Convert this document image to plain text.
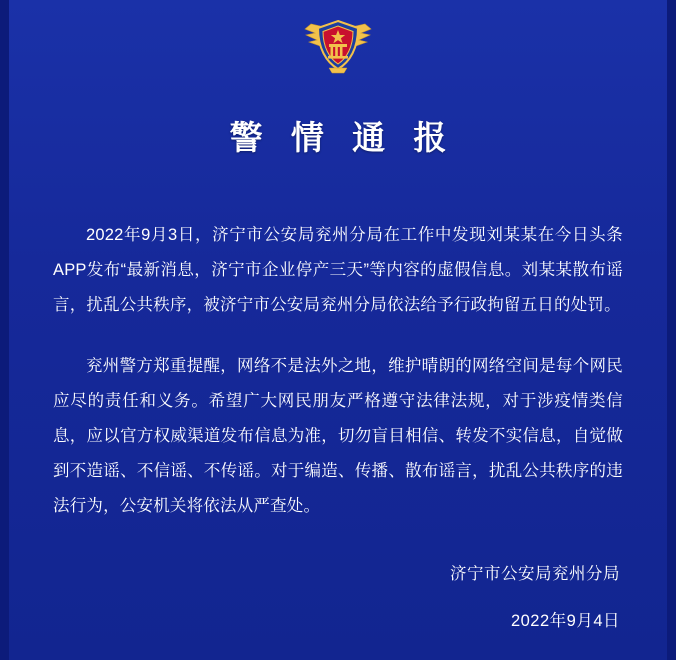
警 情 通 报

2022年9月3日，济宁市公安局兖州分局在工作中发现刘某某在今日头条APP发布“最新消息，济宁市企业停产三天”等内容的虚假信息。刘某某散布谣言，扰乱公共秩序，被济宁市公安局兖州分局依法给予行政拘留五日的处罚。

兖州警方郑重提醒，网络不是法外之地，维护晴朗的网络空间是每个网民应尽的责任和义务。希望广大网民朋友严格遵守法律法规，对于涉疫情类信息，应以官方权威渠道发布信息为准，切勿盲目相信、转发不实信息，自觉做到不造谣、不信谣、不传谣。对于编造、传播、散布谣言，扰乱公共秩序的违法行为，公安机关将依法从严查处。

济宁市公安局兖州分局
2022年9月4日
